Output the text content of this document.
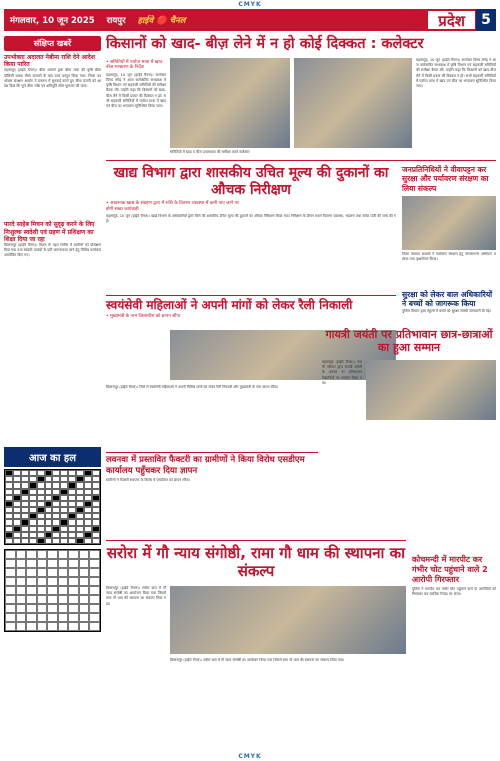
CMYK
मंगलवार, 10 जून 2025	रायपुर	हाईवे 🔴 चैनल	प्रदेश	5
संक्षिप्त खबरें
उपभोक्ता अदालत नेबीमा राशि देने आदेश किया पारित
महासमुंद (हाईवे चैनल)। बीमा धारकों द्वारा बीमा ताक की कृषि बीमा पॉलिसी धारक बीमा करवाने के बाद दावा प्रस्तुत किया गया। जिला उपभोक्ता संरक्षण आयोग ने प्रकरण में सुनवाई करते हुए बीमा कंपनी को आदेश दिया कि पूर्ण बीमा राशि एवं क्षतिपूर्ति राशि भुगतान की जाए।
पारदे साहेब मिचन को सुदृढ़ करने के लिए निःशुल्क स्वदेशी एवं ग्रहण में प्रशिक्षण का शिक्षा दिया जा रहा
बिलासपुर (हाईवे चैनल)। मिशन के तहत शिविर में ग्रामीणों को प्रशिक्षण दिया गया तथा स्वदेशी उत्पादों के प्रति जागरूकता लाने हेतु विभिन्न कार्यक्रम आयोजित किए गए।
आज का हल
किसानों को खाद- बीज़ लेने में न हो कोई दिक्कत : कलेक्टर
• समितियों में पर्याप्त मात्रा में खाद-बीज भण्डारण के निर्देश
महासमुंद, 10 जून (हाईवे चैनल)। कलेक्टर विनय लंगेह ने आज कलेक्टोरेट सभाकक्ष में कृषि विभाग एवं सहकारी समितियों की समीक्षा बैठक ली। उन्होंने कहा कि किसानों को खाद-बीज लेने में किसी प्रकार की दिक्कत न हो। सभी सहकारी समितियों में पर्याप्त मात्रा में खाद एवं बीज का भण्डारण सुनिश्चित किया जाए।
समितियों में खाद व बीज उपलब्धता की समीक्षा करते कलेक्टर
महासमुंद, 10 जून (हाईवे चैनल)। कलेक्टर विनय लंगेह ने आज कलेक्टोरेट सभाकक्ष में कृषि विभाग एवं सहकारी समितियों की समीक्षा बैठक ली। उन्होंने कहा कि किसानों को खाद-बीज लेने में किसी प्रकार की दिक्कत न हो। सभी सहकारी समितियों में पर्याप्त मात्रा में खाद एवं बीज का भण्डारण सुनिश्चित किया जाए।
खाद्य विभाग द्वारा शासकीय उचित मूल्य की दुकानों का औचक निरीक्षण
• आवश्यक खाद्य के संग्रहण द्वारा में राशि के वितरण व्यवस्था में कमी पाए जाने पर होगी सख्त कार्यवाही
महासमुंद, 10 जून (हाईवे चैनल)। खाद्य विभाग के अधिकारियों द्वारा जिले की शासकीय उचित मूल्य की दुकानों का औचक निरीक्षण किया गया। निरीक्षण के दौरान राशन वितरण व्यवस्था, भंडारण तथा स्टॉक पंजी की जांच की गई।
जनप्रतिनिधियों ने वीवापट्टन कर सुरक्षा और पर्यावरण संरक्षण का लिया संकल्प
जिला पंचायत सदस्यों ने पर्यावरण संरक्षण हेतु जनजागरण अभियान चलाया तथा वृक्षारोपण किया।
स्वयंसेवी महिलाओं ने अपनी मांगों को लेकर रैली निकाली
• मुख्यमंत्री के नाम जिलाधीश को ज्ञापन सौंपा
बिलासपुर (हाईवे चैनल)। जिले में स्वयंसेवी महिलाओं ने अपनी विभिन्न मांगों को लेकर रैली निकाली और मुख्यमंत्री के नाम ज्ञापन सौंपा।
सुरक्षा को लेकर बाल अधिकारियों ने बच्चों को जागरूक किया
पुलिस विभाग द्वारा स्कूलों में बच्चों को सुरक्षा संबंधी जानकारी दी गई।
गायत्री जयंती पर प्रतिभावान छात्र-छात्राओं का हुआ सम्मान
महासमुंद (हाईवे चैनल)। गायत्री परिवार द्वारा गायत्री जयंती के अवसर पर प्रतिभावान विद्यार्थियों का सम्मान किया गया।
लवनवा में प्रस्तावित फैक्टरी का ग्रामीणों ने किया विरोध एसडीएम कार्यालय पहुँचकर दिया ज्ञापन
ग्रामीणों ने फैक्टरी स्थापना के विरोध में एसडीएम को ज्ञापन सौंपा।
सरोरा में गौ न्याय संगोष्ठी, रामा गौ धाम की स्थापना का संकल्प
बिलासपुर (हाईवे चैनल)। सरोरा ग्राम में गौ न्याय संगोष्ठी का आयोजन किया गया जिसमें रामा गौ धाम की स्थापना का संकल्प लिया गया।
बिलासपुर (हाईवे चैनल)। सरोरा ग्राम में गौ न्याय संगोष्ठी का आयोजन किया गया जिसमें रामा गौ धाम की स्थापना का संकल्प लिया गया।
कोचमन्दी में मारपीट कर गंभीर चोट पहुंचाने वाले 2 आरोपी गिरफ्तार
पुलिस ने मारपीट कर गंभीर चोट पहुंचाने वाले दो आरोपियों को गिरफ्तार कर न्यायिक रिमांड पर भेजा।
CMYK
